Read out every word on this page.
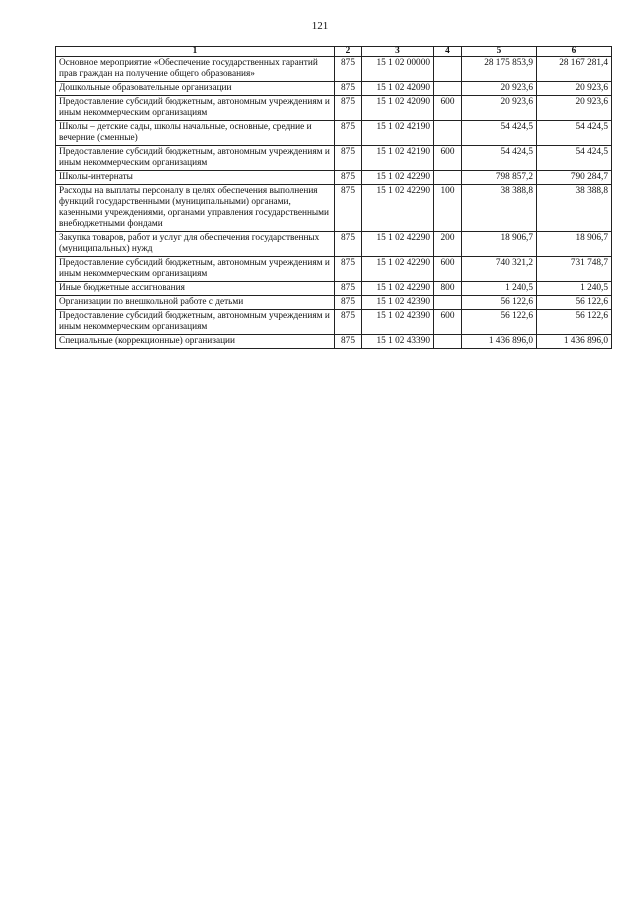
121
1	2	3	4	5	6
Основное мероприятие «Обеспечение государственных гарантий прав граждан на получение общего образования»	875	15 1 02 00000		28 175 853,9	28 167 281,4
Дошкольные образовательные организации	875	15 1 02 42090		20 923,6	20 923,6
Предоставление субсидий бюджетным, автономным учреждениям и иным некоммерческим организациям	875	15 1 02 42090	600	20 923,6	20 923,6
Школы – детские сады, школы начальные, основные, средние и вечерние (сменные)	875	15 1 02 42190		54 424,5	54 424,5
Предоставление субсидий бюджетным, автономным учреждениям и иным некоммерческим организациям	875	15 1 02 42190	600	54 424,5	54 424,5
Школы-интернаты	875	15 1 02 42290		798 857,2	790 284,7
Расходы на выплаты персоналу в целях обеспечения выполнения функций государственными (муниципальными) органами, казенными учреждениями, органами управления государственными внебюджетными фондами	875	15 1 02 42290	100	38 388,8	38 388,8
Закупка товаров, работ и услуг для обеспечения государственных (муниципальных) нужд	875	15 1 02 42290	200	18 906,7	18 906,7
Предоставление субсидий бюджетным, автономным учреждениям и иным некоммерческим организациям	875	15 1 02 42290	600	740 321,2	731 748,7
Иные бюджетные ассигнования	875	15 1 02 42290	800	1 240,5	1 240,5
Организации по внешкольной работе с детьми	875	15 1 02 42390		56 122,6	56 122,6
Предоставление субсидий бюджетным, автономным учреждениям и иным некоммерческим организациям	875	15 1 02 42390	600	56 122,6	56 122,6
Специальные (коррекционные) организации	875	15 1 02 43390		1 436 896,0	1 436 896,0
